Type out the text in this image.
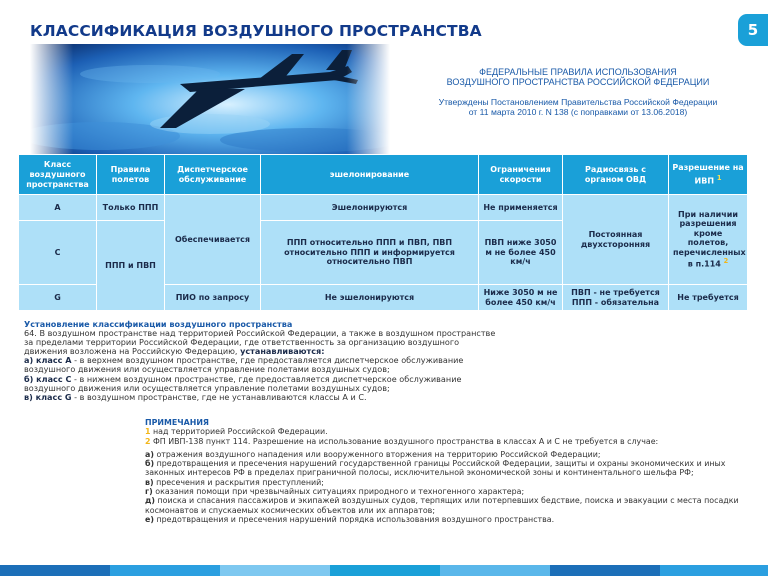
КЛАССИФИКАЦИЯ ВОЗДУШНОГО ПРОСТРАНСТВА	5
ФЕДЕРАЛЬНЫЕ ПРАВИЛА ИСПОЛЬЗОВАНИЯ
ВОЗДУШНОГО ПРОСТРАНСТВА РОССИЙСКОЙ ФЕДЕРАЦИИ
Утверждены Постановлением Правительства Российской Федерации
от 11 марта 2010 г. N 138 (с поправками от 13.06.2018)
Класс воздушного пространства	Правила полетов	Диспетчерское обслуживание	эшелонирование	Ограничения скорости	Радиосвязь с органом ОВД	Разрешение на ИВП $^1$
А	Только ППП	Обеспечивается	Эшелонируются	Не применяется	Постоянная двухсторонняя	При наличии разрешения кроме полетов, перечисленных в п.114 $^2$
С	ППП и ПВП		ППП относительно ППП и ПВП, ПВП относительно ППП и информируется относительно ПВП	ПВП ниже 3050 м не более 450 км/ч		
G		ПИО по запросу	Не эшелонируются	Ниже 3050 м не более 450 км/ч	ПВП - не требуется ППП - обязательна	Не требуется

Установление классификации воздушного пространства

64. В воздушном пространстве над территорией Российской Федерации, а также в воздушном пространстве

за пределами территории Российской Федерации, где ответственность за организацию воздушного

движения возложена на Российскую Федерацию, устанавливаются:

а) класс А - в верхнем воздушном пространстве, где предоставляется диспетчерское обслуживание

воздушного движения или осуществляется управление полетами воздушных судов;

б) класс С - в нижнем воздушном пространстве, где предоставляется диспетчерское обслуживание

воздушного движения или осуществляется управление полетами воздушных судов;

в) класс G - в воздушном пространстве, где не устанавливаются классы А и С.

ПРИМЕЧАНИЯ

1 над территорией Российской Федерации.

2 ФП ИВП-138 пункт 114. Разрешение на использование воздушного пространства в классах А и С не требуется в случае:

а) отражения воздушного нападения или вооруженного вторжения на территорию Российской Федерации;

б) предотвращения и пресечения нарушений государственной границы Российской Федерации, защиты и охраны экономических и иных законных интересов РФ в пределах приграничной полосы, исключительной экономической зоны и континентального шельфа РФ;

в) пресечения и раскрытия преступлений;

г) оказания помощи при чрезвычайных ситуациях природного и техногенного характера;

д) поиска и спасания пассажиров и экипажей воздушных судов, терпящих или потерпевших бедствие, поиска и эвакуации с места посадки космонавтов и спускаемых космических объектов или их аппаратов;

е) предотвращения и пресечения нарушений порядка использования воздушного пространства.
